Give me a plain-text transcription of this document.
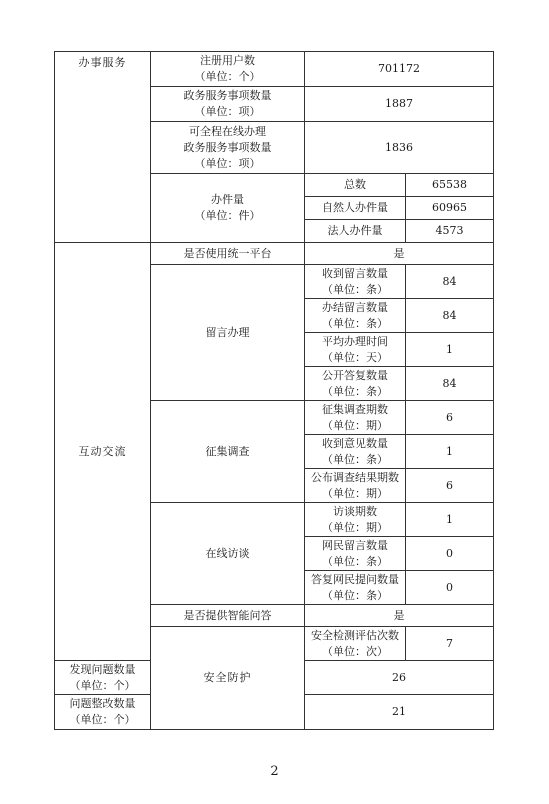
办事服务	注册用户数
（单位：个）	701172	

	政务服务事项数量
（单位：项）	1887	

	可全程在线办理
政务服务事项数量
（单位：项）	1836	

	办件量
（单位：件）	总数	65538
		自然人办件量	60965
		法人办件量	4573
互动交流	是否使用统一平台	是	
	留言办理	收到留言数量
（单位：条）	84

		办结留言数量
（单位：条）	84

		平均办理时间
（单位：天）	1

		公开答复数量
（单位：条）	84
	征集调查	征集调查期数
（单位：期）	6

		收到意见数量
（单位：条）	1

		公布调查结果期数
（单位：期）	6
	在线访谈	访谈期数
（单位：期）	1

		网民留言数量
（单位：条）	0

		答复网民提问数量
（单位：条）	0
	是否提供智能问答	是	
	安全防护	安全检测评估次数
（单位：次）	7

发现问题数量
（单位：个）		26	

问题整改数量
（单位：个）		21	
2
